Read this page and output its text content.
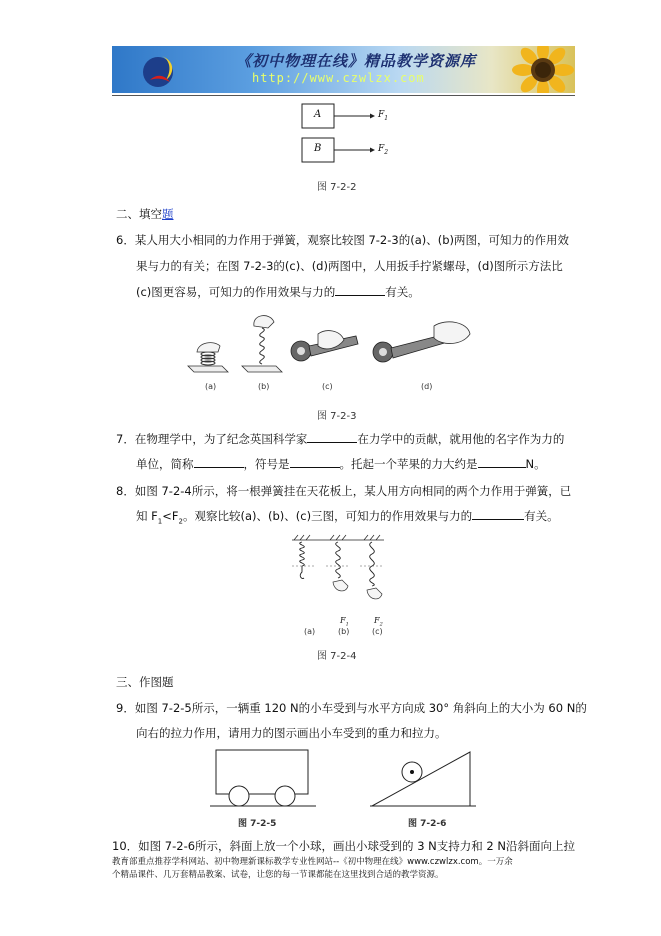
《初中物理在线》精品教学资源库
http://www.czwlzx.com
A
B
$F_1$
$F_2$
图 7-2-2
二、填空题
6．某人用大小相同的力作用于弹簧，观察比较图 7-2-3的(a)、(b)两图，可知力的作用效
果与力的有关；在图 7-2-3的(c)、(d)两图中，人用扳手拧紧螺母，(d)图所示方法比
(c)图更容易，可知力的作用效果与力的	有关。
(a)	(b)	(c)	(d)
图 7-2-3
7．在物理学中，为了纪念英国科学家	在力学中的贡献，就用他的名字作为力的
单位，简称	，符号是	。托起一个苹果的力大约是	N。
8．如图 7-2-4所示，将一根弹簧挂在天花板上，某人用方向相同的两个力作用于弹簧，已
知 $F_1<F_2$。观察比较(a)、(b)、(c)三图，可知力的作用效果与力的	有关。
$F_1$	$F_2$
(a)	(b)	(c)
图 7-2-4
三、作图题
9．如图 7-2-5所示，一辆重 120 N的小车受到与水平方向成 30° 角斜向上的大小为 60 N的
向右的拉力作用，请用力的图示画出小车受到的重力和拉力。
图 7-2-5	图 7-2-6
10．如图 7-2-6所示，斜面上放一个小球，画出小球受到的 3 N支持力和 2 N沿斜面向上拉
教育部重点推荐学科网站、初中物理新课标教学专业性网站--《初中物理在线》www.czwlzx.com。一万余
个精品课件、几万套精品教案、试卷，让您的每一节课都能在这里找到合适的教学资源。
